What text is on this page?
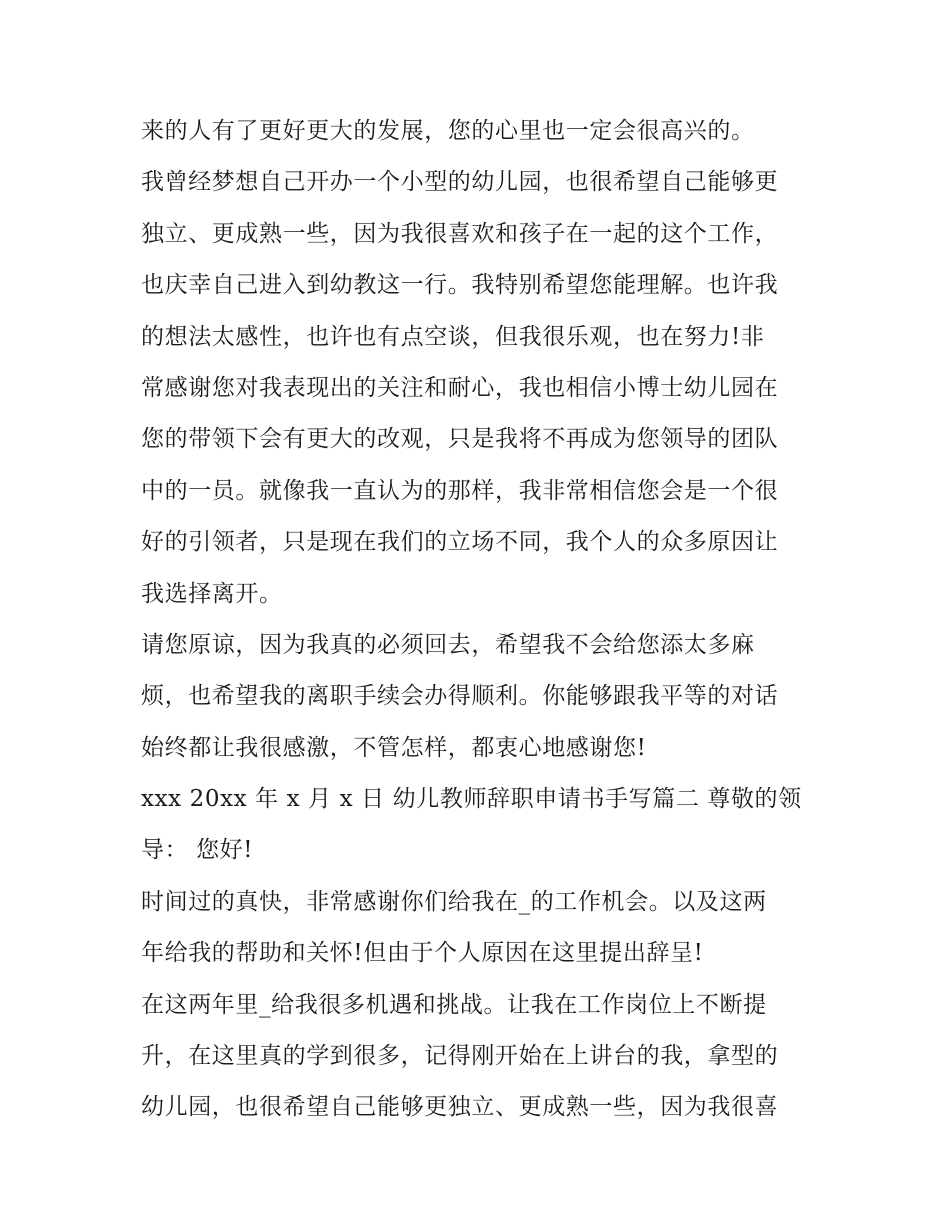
来的人有了更好更大的发展，您的心里也一定会很高兴的。
我曾经梦想自己开办一个小型的幼儿园，也很希望自己能够更
独立、更成熟一些，因为我很喜欢和孩子在一起的这个工作，
也庆幸自己进入到幼教这一行。我特别希望您能理解。也许我
的想法太感性，也许也有点空谈，但我很乐观，也在努力!非
常感谢您对我表现出的关注和耐心，我也相信小博士幼儿园在
您的带领下会有更大的改观，只是我将不再成为您领导的团队
中的一员。就像我一直认为的那样，我非常相信您会是一个很
好的引领者，只是现在我们的立场不同，我个人的众多原因让
我选择离开。
请您原谅，因为我真的必须回去，希望我不会给您添太多麻
烦，也希望我的离职手续会办得顺利。你能够跟我平等的对话
始终都让我很感激，不管怎样，都衷心地感谢您!
xxx 20xx 年 x 月 x 日 幼儿教师辞职申请书手写篇二 尊敬的领
导： 您好!
时间过的真快，非常感谢你们给我在_的工作机会。以及这两
年给我的帮助和关怀!但由于个人原因在这里提出辞呈!
在这两年里_给我很多机遇和挑战。让我在工作岗位上不断提
升，在这里真的学到很多，记得刚开始在上讲台的我，拿型的
幼儿园，也很希望自己能够更独立、更成熟一些，因为我很喜
